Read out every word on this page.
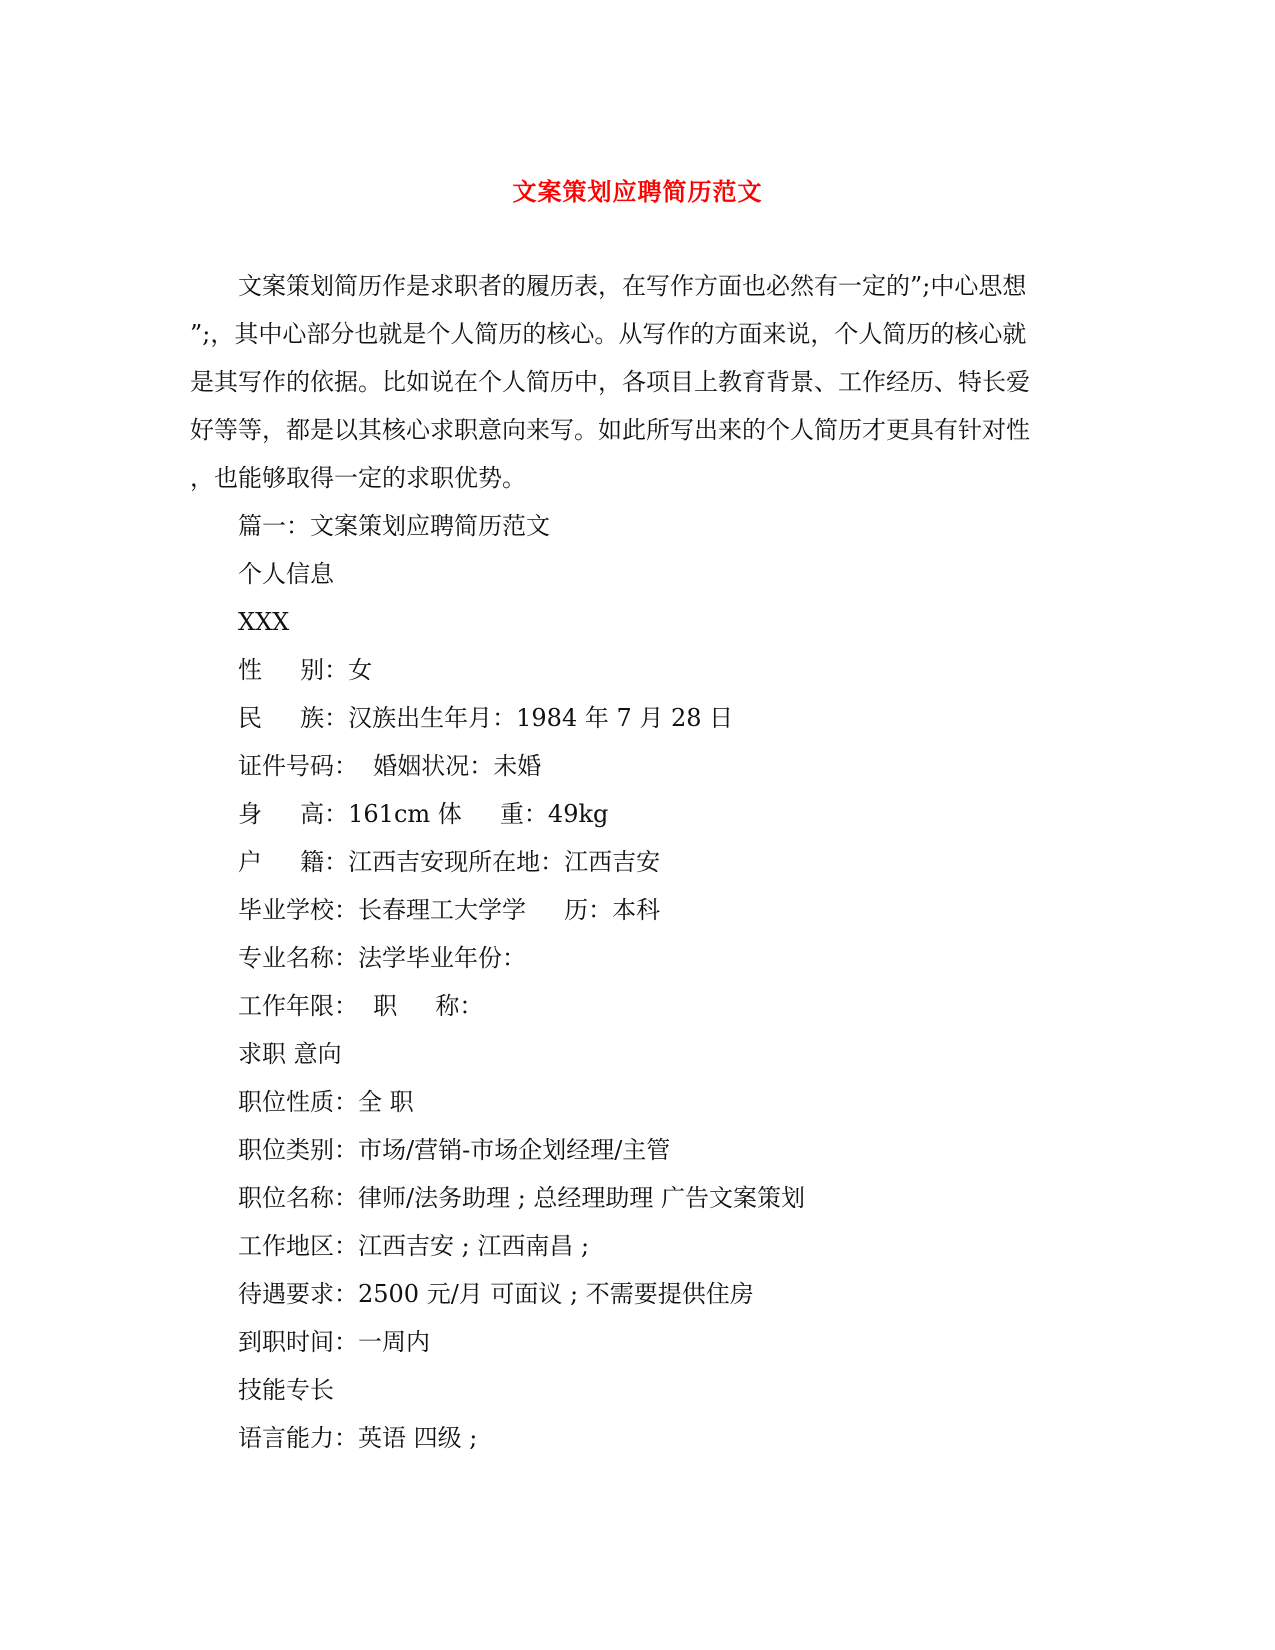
文案策划应聘简历范文
文案策划简历作是求职者的履历表，在写作方面也必然有一定的”;中心思想
”;，其中心部分也就是个人简历的核心。从写作的方面来说，个人简历的核心就
是其写作的依据。比如说在个人简历中，各项目上教育背景、工作经历、特长爱
好等等，都是以其核心求职意向来写。如此所写出来的个人简历才更具有针对性
，也能够取得一定的求职优势。
篇一：文案策划应聘简历范文
个人信息
XXX
性     别：女
民     族：汉族出生年月：1984 年 7 月 28 日
证件号码：  婚姻状况：未婚
身     高：161cm 体     重：49kg
户     籍：江西吉安现所在地：江西吉安
毕业学校：长春理工大学学     历：本科
专业名称：法学毕业年份：
工作年限：  职     称：
求职 意向
职位性质：全 职
职位类别：市场/营销-市场企划经理/主管
职位名称：律师/法务助理 ; 总经理助理 广告文案策划
工作地区：江西吉安 ; 江西南昌 ;
待遇要求：2500 元/月 可面议 ; 不需要提供住房
到职时间：一周内
技能专长
语言能力：英语 四级 ;
